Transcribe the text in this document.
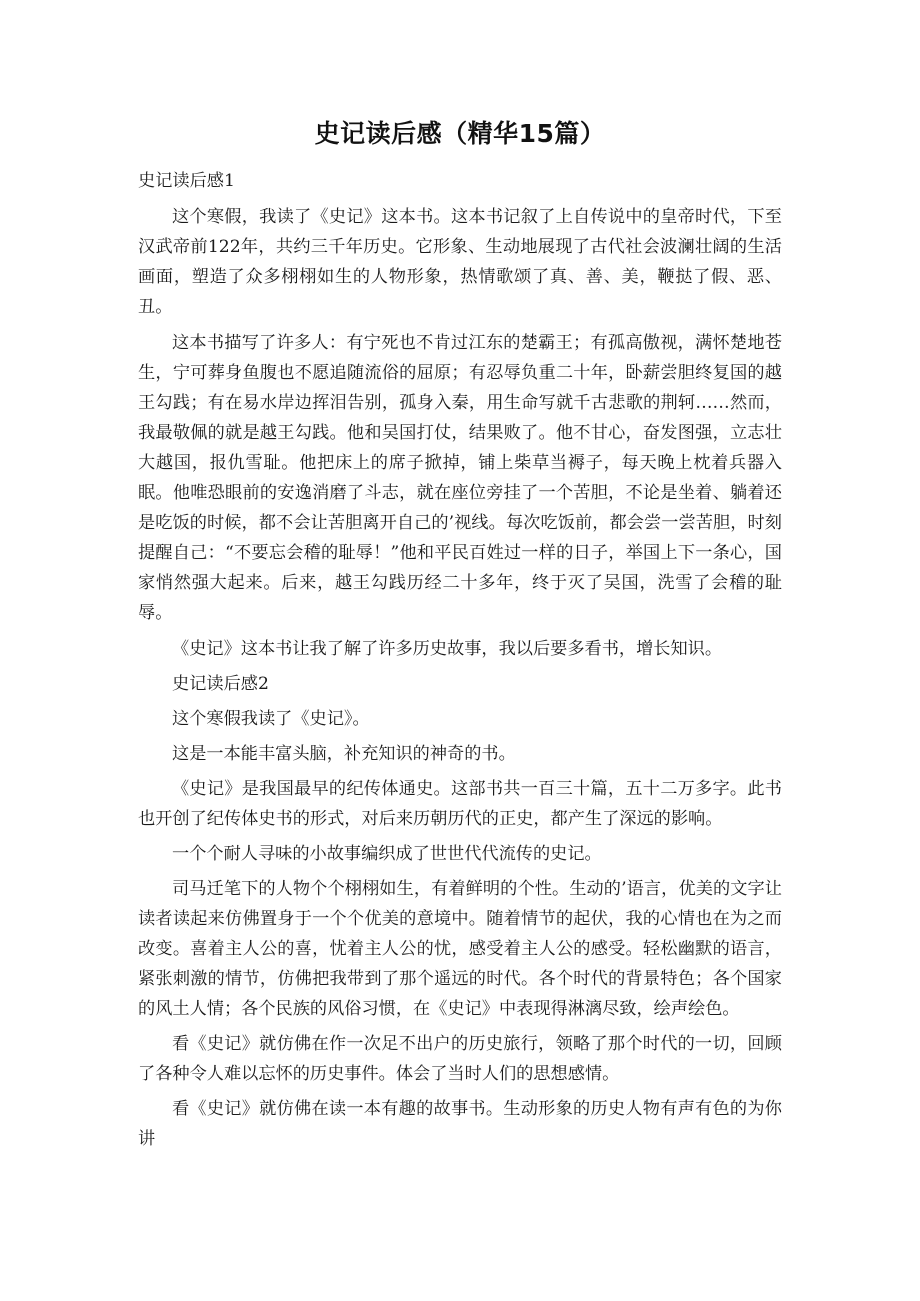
史记读后感（精华15篇）

史记读后感1

这个寒假，我读了《史记》这本书。这本书记叙了上自传说中的皇帝时代，下至汉武帝前122年，共约三千年历史。它形象、生动地展现了古代社会波澜壮阔的生活画面，塑造了众多栩栩如生的人物形象，热情歌颂了真、善、美，鞭挞了假、恶、丑。

这本书描写了许多人：有宁死也不肯过江东的楚霸王；有孤高傲视，满怀楚地苍生，宁可葬身鱼腹也不愿追随流俗的屈原；有忍辱负重二十年，卧薪尝胆终复国的越王勾践；有在易水岸边挥泪告别，孤身入秦，用生命写就千古悲歌的荆轲……然而，我最敬佩的就是越王勾践。他和吴国打仗，结果败了。他不甘心，奋发图强，立志壮大越国，报仇雪耻。他把床上的席子掀掉，铺上柴草当褥子，每天晚上枕着兵器入眠。他唯恐眼前的安逸消磨了斗志，就在座位旁挂了一个苦胆，不论是坐着、躺着还是吃饭的时候，都不会让苦胆离开自己的’视线。每次吃饭前，都会尝一尝苦胆，时刻提醒自己：“不要忘会稽的耻辱！”他和平民百姓过一样的日子，举国上下一条心，国家悄然强大起来。后来，越王勾践历经二十多年，终于灭了吴国，洗雪了会稽的耻辱。

《史记》这本书让我了解了许多历史故事，我以后要多看书，增长知识。

史记读后感2

这个寒假我读了《史记》。

这是一本能丰富头脑，补充知识的神奇的书。

《史记》是我国最早的纪传体通史。这部书共一百三十篇，五十二万多字。此书也开创了纪传体史书的形式，对后来历朝历代的正史，都产生了深远的影响。

一个个耐人寻味的小故事编织成了世世代代流传的史记。

司马迁笔下的人物个个栩栩如生，有着鲜明的个性。生动的’语言，优美的文字让读者读起来仿佛置身于一个个优美的意境中。随着情节的起伏，我的心情也在为之而改变。喜着主人公的喜，忧着主人公的忧，感受着主人公的感受。轻松幽默的语言，紧张刺激的情节，仿佛把我带到了那个遥远的时代。各个时代的背景特色；各个国家的风土人情；各个民族的风俗习惯，在《史记》中表现得淋漓尽致，绘声绘色。

看《史记》就仿佛在作一次足不出户的历史旅行，领略了那个时代的一切，回顾了各种令人难以忘怀的历史事件。体会了当时人们的思想感情。

看《史记》就仿佛在读一本有趣的故事书。生动形象的历史人物有声有色的为你讲
